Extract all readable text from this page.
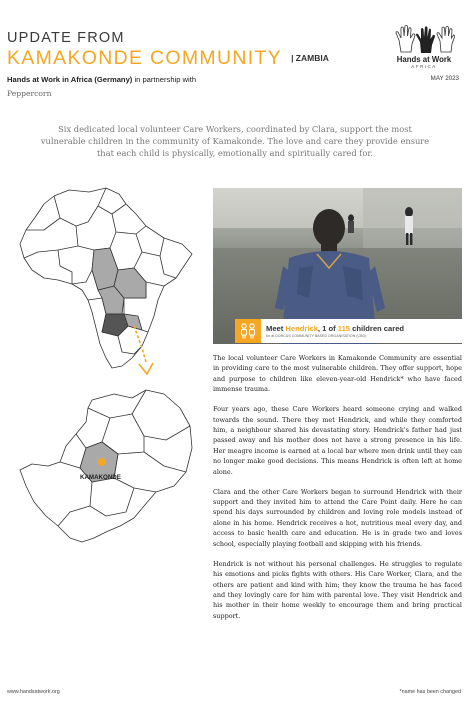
UPDATE FROM
KAMAKONDE COMMUNITY | ZAMBIA
Hands at Work in Africa (Germany) in partnership with
Peppercorn
Hands at Work
AFRICA
MAY 2023
Six dedicated local volunteer Care Workers, coordinated by Clara, support the most vulnerable children in the community of Kamakonde. The love and care they provide ensure that each child is physically, emotionally and spiritually cared for.
KAMAKONDE
Meet Hendrick, 1 of 115 children cared
for at DORCUS COMMUNITY BASED ORGANISATION (CBO)

The local volunteer Care Workers in Kamakonde Community are essential in providing care to the most vulnerable children. They offer support, hope and purpose to children like eleven-year-old Hendrick* who have faced immense trauma.

Four years ago, these Care Workers heard someone crying and walked towards the sound. There they met Hendrick, and while they comforted him, a neighbour shared his devastating story. Hendrick's father had just passed away and his mother does not have a strong presence in his life. Her meagre income is earned at a local bar where men drink until they can no longer make good decisions. This means Hendrick is often left at home alone.

Clara and the other Care Workers began to surround Hendrick with their support and they invited him to attend the Care Point daily. Here he can spend his days surrounded by children and loving role models instead of alone in his home. Hendrick receives a hot, nutritious meal every day, and access to basic health care and education. He is in grade two and loves school, especially playing football and skipping with his friends.

Hendrick is not without his personal challenges. He struggles to regulate his emotions and picks fights with others. His Care Worker, Clara, and the others are patient and kind with him; they know the trauma he has faced and they lovingly care for him with parental love. They visit Hendrick and his mother in their home weekly to encourage them and bring practical support.

www.handsatwork.org	*name has been changed
